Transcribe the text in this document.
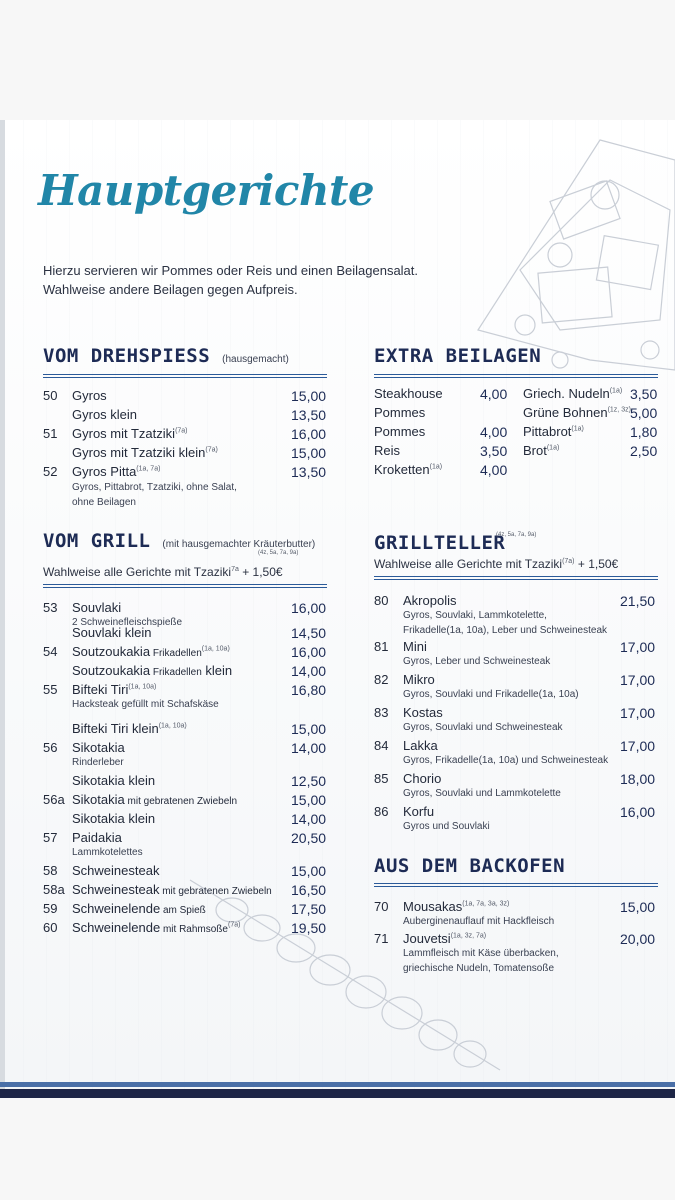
Hauptgerichte
Hierzu servieren wir Pommes oder Reis und einen Beilagensalat.
Wahlweise andere Beilagen gegen Aufpreis.
VOM DREHSPIESS (hausgemacht)
50 Gyros	15,00
Gyros klein	13,50
51 Gyros mit Tzatziki$^{(7a)}$	16,00
Gyros mit Tzatziki klein$^{(7a)}$	15,00
52 Gyros Pitta$^{(1a, 7a)}$	13,50
Gyros, Pittabrot, Tzatziki, ohne Salat,
ohne Beilagen
VOM GRILL (mit hausgemachter Kräuterbutter)
(4z, 5a, 7a, 9a)
Wahlweise alle Gerichte mit Tzaziki$^{7a}$ + 1,50€
53 Souvlaki	16,00
2 Schweinefleischspieße
Souvlaki klein	14,50
54 Soutzoukakia Frikadellen$^{(1a, 10a)}$	16,00
Soutzoukakia Frikadellen klein	14,00
55 Bifteki Tiri$^{(1a, 10a)}$	16,80
Hacksteak gefüllt mit Schafskäse
Bifteki Tiri klein$^{(1a, 10a)}$	15,00
56 Sikotakia	14,00
Rinderleber
Sikotakia klein	12,50
56a Sikotakia mit gebratenen Zwiebeln	15,00
Sikotakia klein	14,00
57 Paidakia	20,50
Lammkotelettes
58 Schweinesteak	15,00
58a Schweinesteak mit gebratenen Zwiebeln 16,50
59 Schweinelende am Spieß	17,50
60 Schweinelende mit Rahmsoße$^{(7a)}$	19,50
EXTRA BEILAGEN
Steakhouse	4,00
Pommes
Pommes	4,00
Reis	3,50
Kroketten$^{(1a)}$	4,00
Griech. Nudeln$^{(1a)}$ 3,50
Grüne Bohnen$^{(1z, 3z)}$ 5,00
Pittabrot$^{(1a)}$	1,80
Brot$^{(1a)}$	2,50
GRILLTELLER
(4z, 5a, 7a, 9a)
Wahlweise alle Gerichte mit Tzaziki$^{(7a)}$ + 1,50€
80 Akropolis	21,50
Gyros, Souvlaki, Lammkotelette,
Frikadelle(1a, 10a), Leber und Schweinesteak
81 Mini	17,00
Gyros, Leber und Schweinesteak
82 Mikro	17,00
Gyros, Souvlaki und Frikadelle(1a, 10a)
83 Kostas	17,00
Gyros, Souvlaki und Schweinesteak
84 Lakka	17,00
Gyros, Frikadelle(1a, 10a) und Schweinesteak
85 Chorio	18,00
Gyros, Souvlaki und Lammkotelette
86 Korfu	16,00
Gyros und Souvlaki
AUS DEM BACKOFEN
70 Mousakas$^{(1a, 7a, 3a, 3z)}$	15,00
Auberginenauflauf mit Hackfleisch
71 Jouvetsi$^{(1a, 3z, 7a)}$	20,00
Lammfleisch mit Käse überbacken,
griechische Nudeln, Tomatensoße
